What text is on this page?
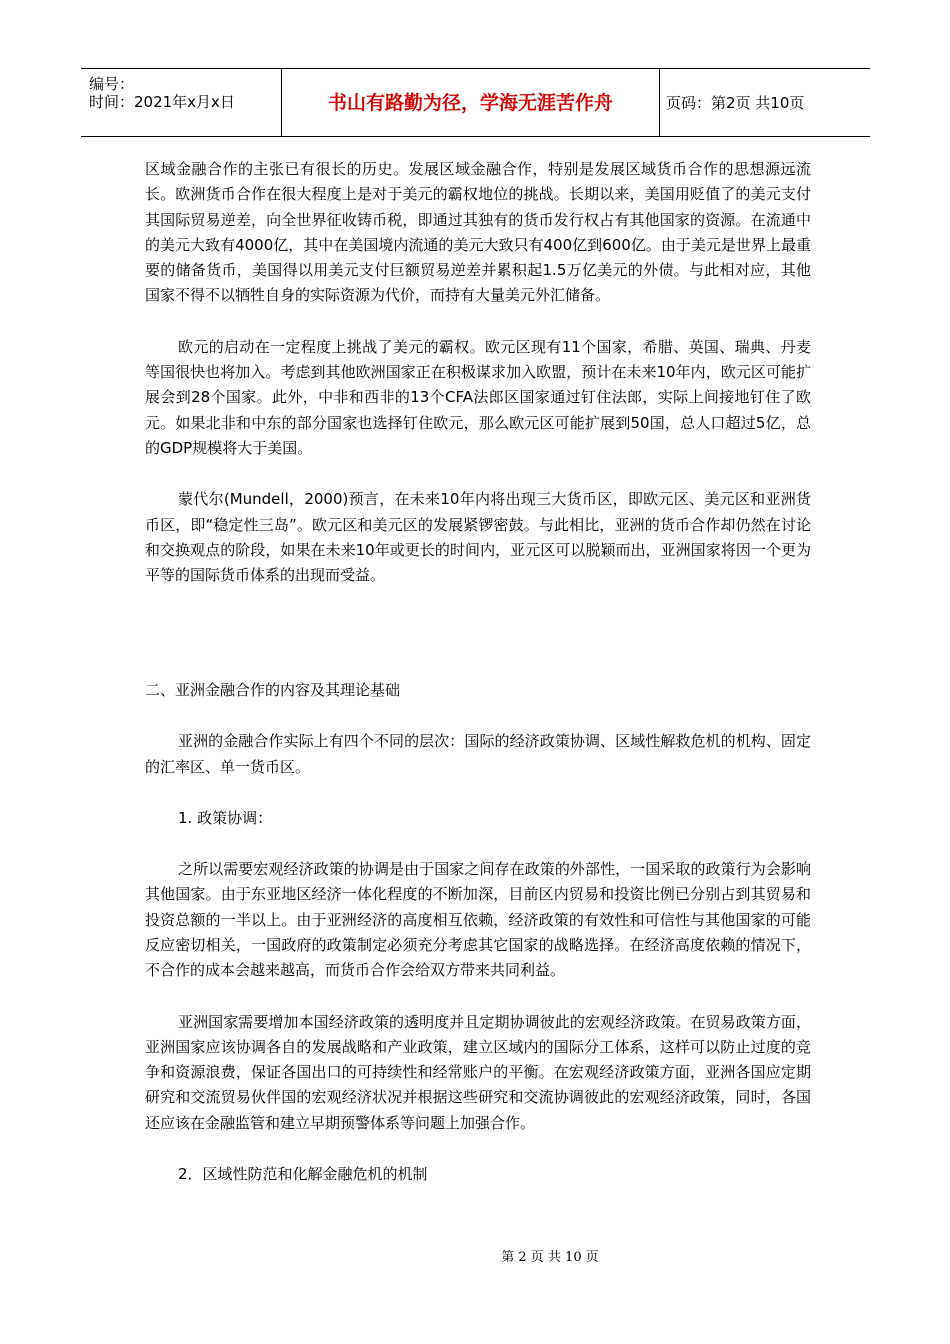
编号：
时间：2021年x月x日	书山有路勤为径，学海无涯苦作舟	页码：第2页 共10页

区域金融合作的主张已有很长的历史。发展区域金融合作，特别是发展区域货币合作的思想源远流长。欧洲货币合作在很大程度上是对于美元的霸权地位的挑战。长期以来，美国用贬值了的美元支付其国际贸易逆差，向全世界征收铸币税，即通过其独有的货币发行权占有其他国家的资源。在流通中的美元大致有4000亿，其中在美国境内流通的美元大致只有400亿到600亿。由于美元是世界上最重要的储备货币，美国得以用美元支付巨额贸易逆差并累积起1.5万亿美元的外债。与此相对应，其他国家不得不以牺牲自身的实际资源为代价，而持有大量美元外汇储备。

欧元的启动在一定程度上挑战了美元的霸权。欧元区现有11个国家，希腊、英国、瑞典、丹麦等国很快也将加入。考虑到其他欧洲国家正在积极谋求加入欧盟，预计在未来10年内，欧元区可能扩展会到28个国家。此外，中非和西非的13个CFA法郎区国家通过钉住法郎，实际上间接地钉住了欧元。如果北非和中东的部分国家也选择钉住欧元，那么欧元区可能扩展到50国，总人口超过5亿，总的GDP规模将大于美国。

蒙代尔(Mundell，2000)预言，在未来10年内将出现三大货币区，即欧元区、美元区和亚洲货币区，即“稳定性三岛”。欧元区和美元区的发展紧锣密鼓。与此相比，亚洲的货币合作却仍然在讨论和交换观点的阶段，如果在未来10年或更长的时间内，亚元区可以脱颖而出，亚洲国家将因一个更为平等的国际货币体系的出现而受益。

二、亚洲金融合作的内容及其理论基础

亚洲的金融合作实际上有四个不同的层次：国际的经济政策协调、区域性解救危机的机构、固定的汇率区、单一货币区。

1. 政策协调：

之所以需要宏观经济政策的协调是由于国家之间存在政策的外部性，一国采取的政策行为会影响其他国家。由于东亚地区经济一体化程度的不断加深，目前区内贸易和投资比例已分别占到其贸易和投资总额的一半以上。由于亚洲经济的高度相互依赖，经济政策的有效性和可信性与其他国家的可能反应密切相关，一国政府的政策制定必须充分考虑其它国家的战略选择。在经济高度依赖的情况下，不合作的成本会越来越高，而货币合作会给双方带来共同利益。

亚洲国家需要增加本国经济政策的透明度并且定期协调彼此的宏观经济政策。在贸易政策方面，亚洲国家应该协调各自的发展战略和产业政策，建立区域内的国际分工体系，这样可以防止过度的竞争和资源浪费，保证各国出口的可持续性和经常账户的平衡。在宏观经济政策方面，亚洲各国应定期研究和交流贸易伙伴国的宏观经济状况并根据这些研究和交流协调彼此的宏观经济政策，同时，各国还应该在金融监管和建立早期预警体系等问题上加强合作。

2．区域性防范和化解金融危机的机制

第 2 页 共 10 页
